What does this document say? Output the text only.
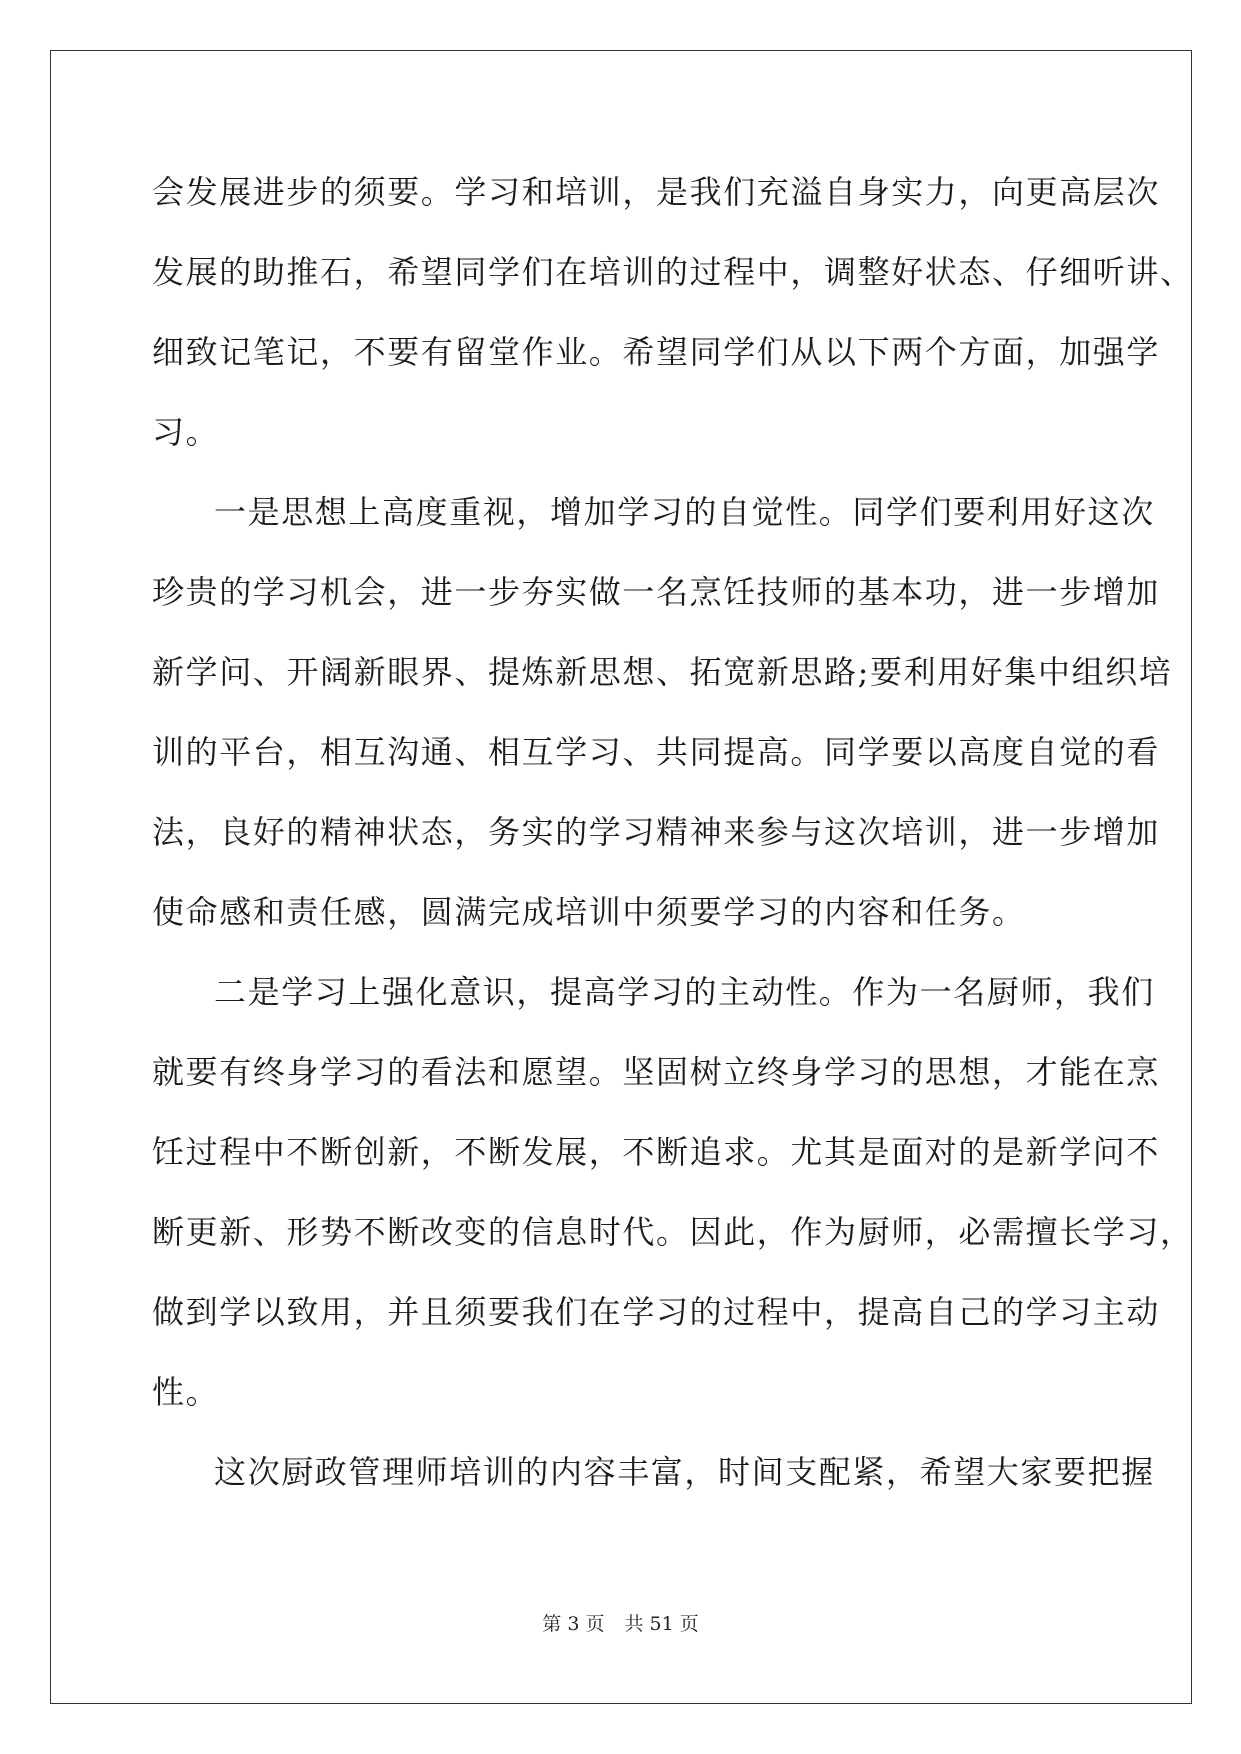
会发展进步的须要。学习和培训，是我们充溢自身实力，向更高层次
发展的助推石，希望同学们在培训的过程中，调整好状态、仔细听讲、
细致记笔记，不要有留堂作业。希望同学们从以下两个方面，加强学
习。
一是思想上高度重视，增加学习的自觉性。同学们要利用好这次
珍贵的学习机会，进一步夯实做一名烹饪技师的基本功，进一步增加
新学问、开阔新眼界、提炼新思想、拓宽新思路;要利用好集中组织培
训的平台，相互沟通、相互学习、共同提高。同学要以高度自觉的看
法，良好的精神状态，务实的学习精神来参与这次培训，进一步增加
使命感和责任感，圆满完成培训中须要学习的内容和任务。
二是学习上强化意识，提高学习的主动性。作为一名厨师，我们
就要有终身学习的看法和愿望。坚固树立终身学习的思想，才能在烹
饪过程中不断创新，不断发展，不断追求。尤其是面对的是新学问不
断更新、形势不断改变的信息时代。因此，作为厨师，必需擅长学习，
做到学以致用，并且须要我们在学习的过程中，提高自己的学习主动
性。
这次厨政管理师培训的内容丰富，时间支配紧，希望大家要把握
第 3 页 共 51 页
